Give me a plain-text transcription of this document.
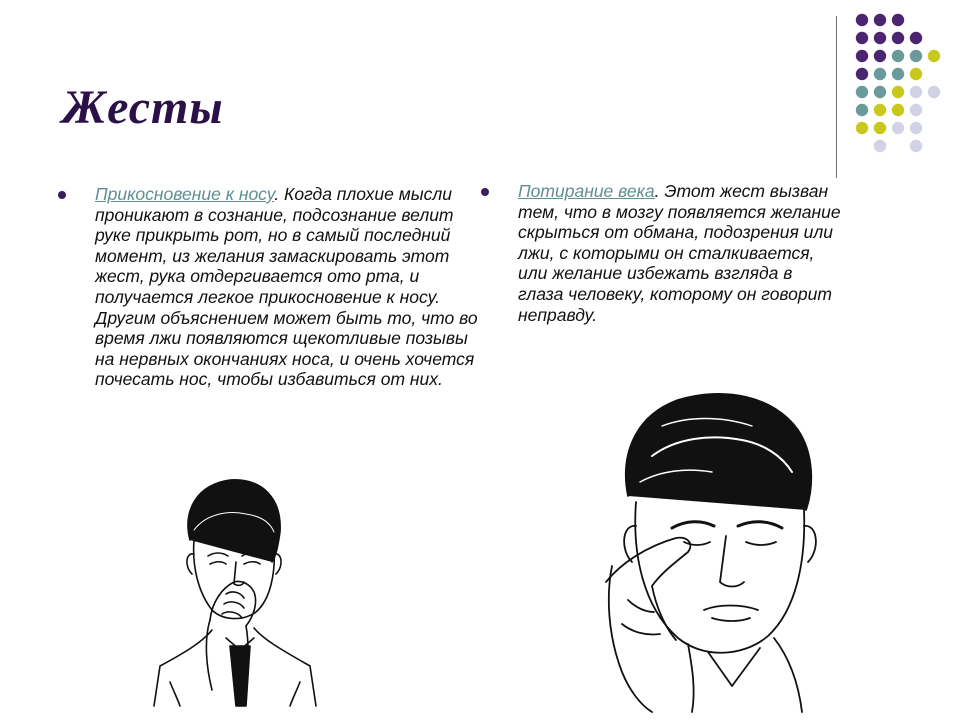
Жесты

Прикосновение к носу. Когда плохие мысли проникают в сознание, подсознание велит руке прикрыть рот, но в самый последний момент, из желания замаскировать этот жест, рука отдергивается ото рта, и получается легкое прикосновение к носу. Другим объяснением может быть то, что во время лжи появляются щекотливые позывы на нервных окончаниях носа, и очень хочется почесать нос, чтобы избавиться от них.

Потирание века. Этот жест вызван тем, что в мозгу появляется желание скрыться от обмана, подозрения или лжи, с которыми он сталкивается, или желание избежать взгляда в глаза человеку, которому он говорит неправду.
